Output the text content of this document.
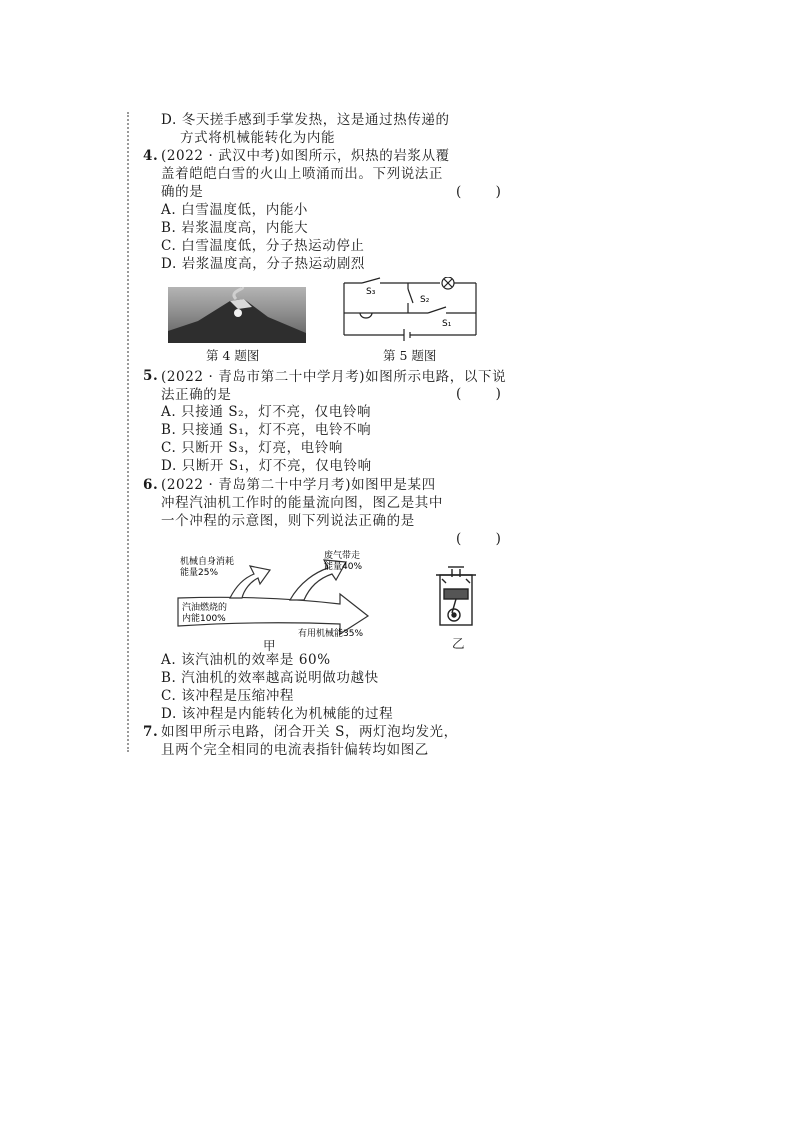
D. 冬天搓手感到手掌发热，这是通过热传递的
方式将机械能转化为内能
4. (2022 · 武汉中考)如图所示，炽热的岩浆从覆
盖着皑皑白雪的火山上喷涌而出。下列说法正
确的是	(        )
A. 白雪温度低，内能小
B. 岩浆温度高，内能大
C. 白雪温度低，分子热运动停止
D. 岩浆温度高，分子热运动剧烈
第 4 题图
S₃
S₂
S₁
第 5 题图
5. (2022 · 青岛市第二十中学月考)如图所示电路，以下说法正确的是	(        )
A. 只接通 S₂，灯不亮，仅电铃响
B. 只接通 S₁，灯不亮，电铃不响
C. 只断开 S₃，灯亮，电铃响
D. 只断开 S₁，灯不亮，仅电铃响
6. (2022 · 青岛第二十中学月考)如图甲是某四
冲程汽油机工作时的能量流向图，图乙是其中
一个冲程的示意图，则下列说法正确的是
(        )
机械自身消耗
能量25%
废气带走
能量40%
汽油燃烧的
内能100%
有用机械能35%
甲	乙
A. 该汽油机的效率是 60%
B. 汽油机的效率越高说明做功越快
C. 该冲程是压缩冲程
D. 该冲程是内能转化为机械能的过程
7. 如图甲所示电路，闭合开关 S，两灯泡均发光，
且两个完全相同的电流表指针偏转均如图乙
